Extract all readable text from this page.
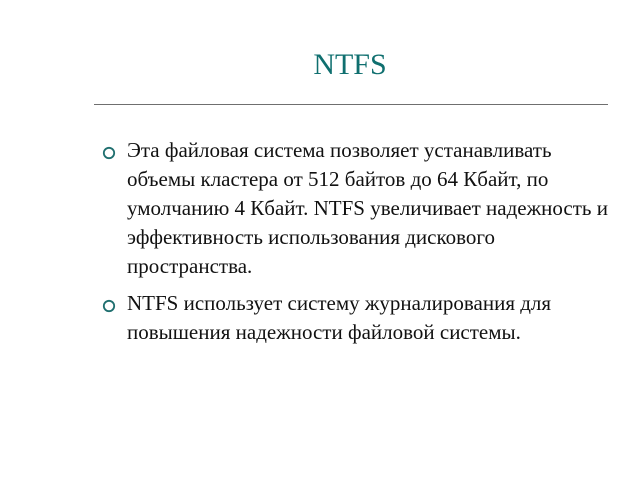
NTFS
Эта файловая система позволяет устанавливать объемы кластера от 512 байтов до 64 Кбайт, по умолчанию 4 Кбайт. NTFS увеличивает надежность и эффективность использования дискового пространства.
NTFS использует систему журналирования для повышения надежности файловой системы.
